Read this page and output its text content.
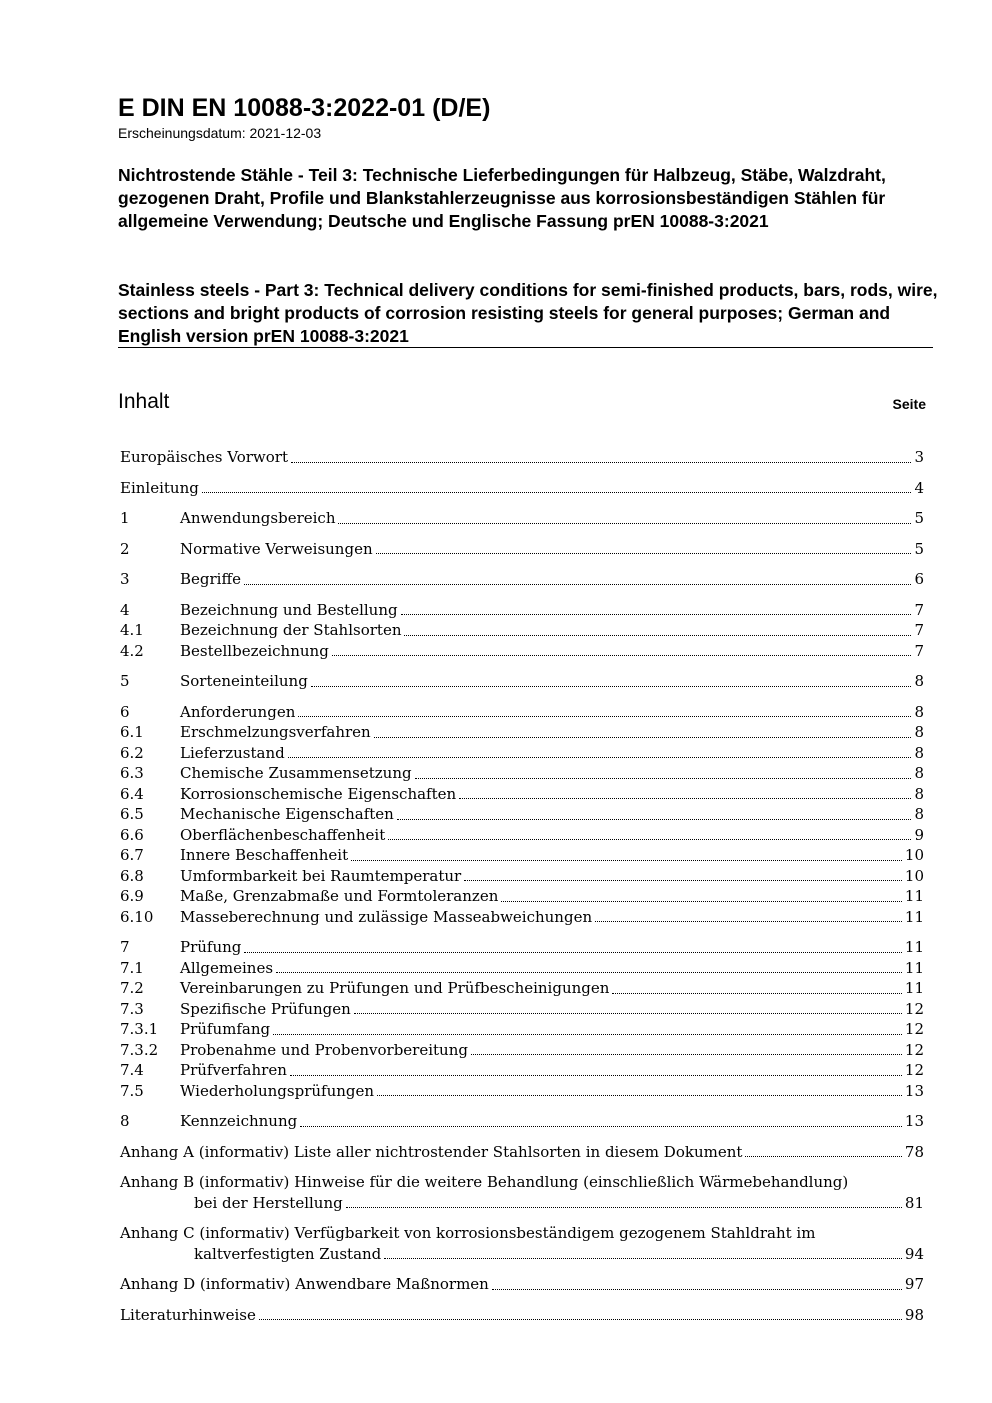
E DIN EN 10088-3:2022-01 (D/E)
Erscheinungsdatum: 2021-12-03

Nichtrostende Stähle - Teil 3: Technische Lieferbedingungen für Halbzeug, Stäbe, Walzdraht, gezogenen Draht, Profile und Blankstahlerzeugnisse aus korrosionsbeständigen Stählen für allgemeine Verwendung; Deutsche und Englische Fassung prEN 10088-3:2021

Stainless steels - Part 3: Technical delivery conditions for semi-finished products, bars, rods, wire, sections and bright products of corrosion resisting steels for general purposes; German and English version prEN 10088-3:2021

Inhalt	Seite
Europäisches Vorwort	3
Einleitung	4
1	Anwendungsbereich	5
2	Normative Verweisungen	5
3	Begriffe	6
4	Bezeichnung und Bestellung	7
4.1	Bezeichnung der Stahlsorten	7
4.2	Bestellbezeichnung	7
5	Sorteneinteilung	8
6	Anforderungen	8
6.1	Erschmelzungsverfahren	8
6.2	Lieferzustand	8
6.3	Chemische Zusammensetzung	8
6.4	Korrosionschemische Eigenschaften	8
6.5	Mechanische Eigenschaften	8
6.6	Oberflächenbeschaffenheit	9
6.7	Innere Beschaffenheit	10
6.8	Umformbarkeit bei Raumtemperatur	10
6.9	Maße, Grenzabmaße und Formtoleranzen	11
6.10	Masseberechnung und zulässige Masseabweichungen	11
7	Prüfung	11
7.1	Allgemeines	11
7.2	Vereinbarungen zu Prüfungen und Prüfbescheinigungen	11
7.3	Spezifische Prüfungen	12
7.3.1	Prüfumfang	12
7.3.2	Probenahme und Probenvorbereitung	12
7.4	Prüfverfahren	12
7.5	Wiederholungsprüfungen	13
8	Kennzeichnung	13
Anhang A (informativ) Liste aller nichtrostender Stahlsorten in diesem Dokument	78
Anhang B (informativ) Hinweise für die weitere Behandlung (einschließlich Wärmebehandlung)
bei der Herstellung	81
Anhang C (informativ) Verfügbarkeit von korrosionsbeständigem gezogenem Stahldraht im
kaltverfestigten Zustand	94
Anhang D (informativ) Anwendbare Maßnormen	97
Literaturhinweise	98
